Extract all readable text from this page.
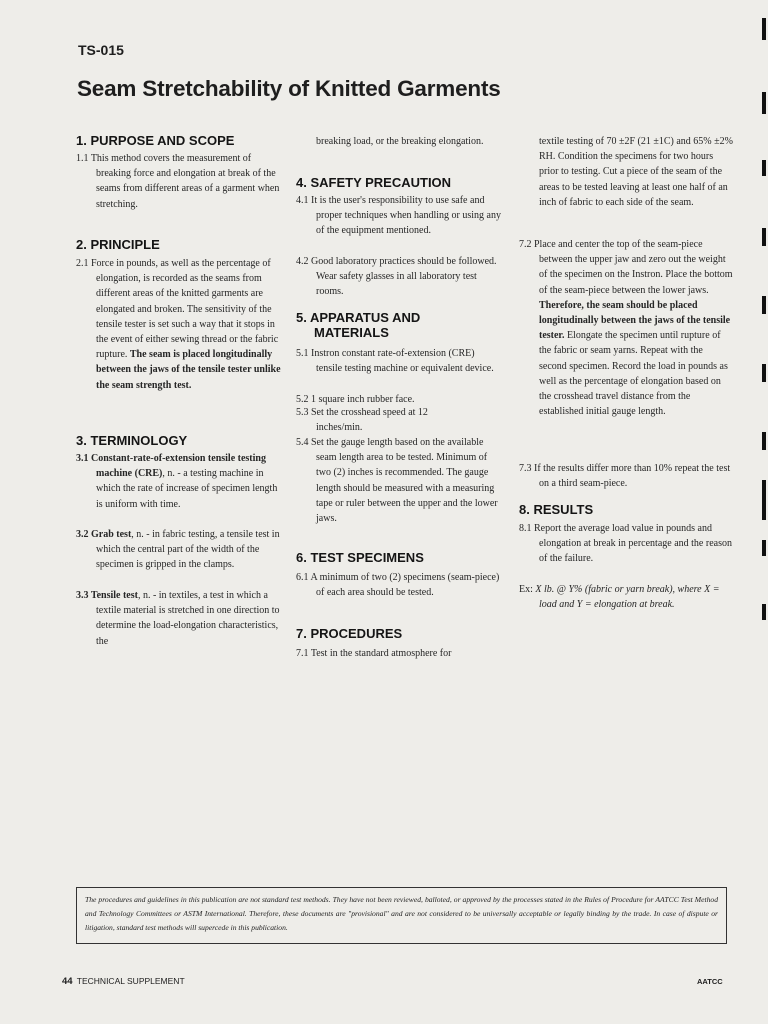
TS-015
Seam Stretchability of Knitted Garments
1. PURPOSE AND SCOPE

1.1 This method covers the measurement of breaking force and elongation at break of the seams from different areas of a garment when stretching.

2. PRINCIPLE

2.1 Force in pounds, as well as the percentage of elongation, is recorded as the seams from different areas of the knitted garments are elongated and broken. The sensitivity of the tensile tester is set such a way that it stops in the event of either sewing thread or the fabric rupture. The seam is placed longitudinally between the jaws of the tensile tester unlike the seam strength test.

3. TERMINOLOGY

3.1 Constant-rate-of-extension tensile testing machine (CRE), n. - a testing machine in which the rate of increase of specimen length is uniform with time.

3.2 Grab test, n. - in fabric testing, a tensile test in which the central part of the width of the specimen is gripped in the clamps.

3.3 Tensile test, n. - in textiles, a test in which a textile material is stretched in one direction to determine the load-elongation characteristics, the

breaking load, or the breaking elongation.

4. SAFETY PRECAUTION

4.1 It is the user's responsibility to use safe and proper techniques when handling or using any of the equipment mentioned.

4.2 Good laboratory practices should be followed. Wear safety glasses in all laboratory test rooms.

5. APPARATUS AND
MATERIALS

5.1 Instron constant rate-of-extension (CRE) tensile testing machine or equivalent device.

5.2 1 square inch rubber face.

5.3 Set the crosshead speed at 12 inches/min.

5.4 Set the gauge length based on the available seam length area to be tested. Minimum of two (2) inches is recommended. The gauge length should be measured with a measuring tape or ruler between the upper and the lower jaws.

6. TEST SPECIMENS

6.1 A minimum of two (2) specimens (seam-piece) of each area should be tested.

7. PROCEDURES

7.1 Test in the standard atmosphere for

textile testing of 70 ±2F (21 ±1C) and 65% ±2% RH. Condition the specimens for two hours prior to testing. Cut a piece of the seam of the areas to be tested leaving at least one half of an inch of fabric to each side of the seam.

7.2 Place and center the top of the seam-piece between the upper jaw and zero out the weight of the specimen on the Instron. Place the bottom of the seam-piece between the lower jaws. Therefore, the seam should be placed longitudinally between the jaws of the tensile tester. Elongate the specimen until rupture of the fabric or seam yarns. Repeat with the second specimen. Record the load in pounds as well as the percentage of elongation based on the crosshead travel distance from the established initial gauge length.

7.3 If the results differ more than 10% repeat the test on a third seam-piece.

8. RESULTS

8.1 Report the average load value in pounds and elongation at break in percentage and the reason of the failure.

Ex: X lb. @ Y% (fabric or yarn break), where X = load and Y = elongation at break.

The procedures and guidelines in this publication are not standard test methods. They have not been reviewed, balloted, or approved by the processes stated in the Rules of Procedure for AATCC Test Method and Technology Committees or ASTM International. Therefore, these documents are "provisional" and are not considered to be universally acceptable or legally binding by the trade. In case of dispute or litigation, standard test methods will supercede in this publication.
44 TECHNICAL SUPPLEMENT	AATCC
